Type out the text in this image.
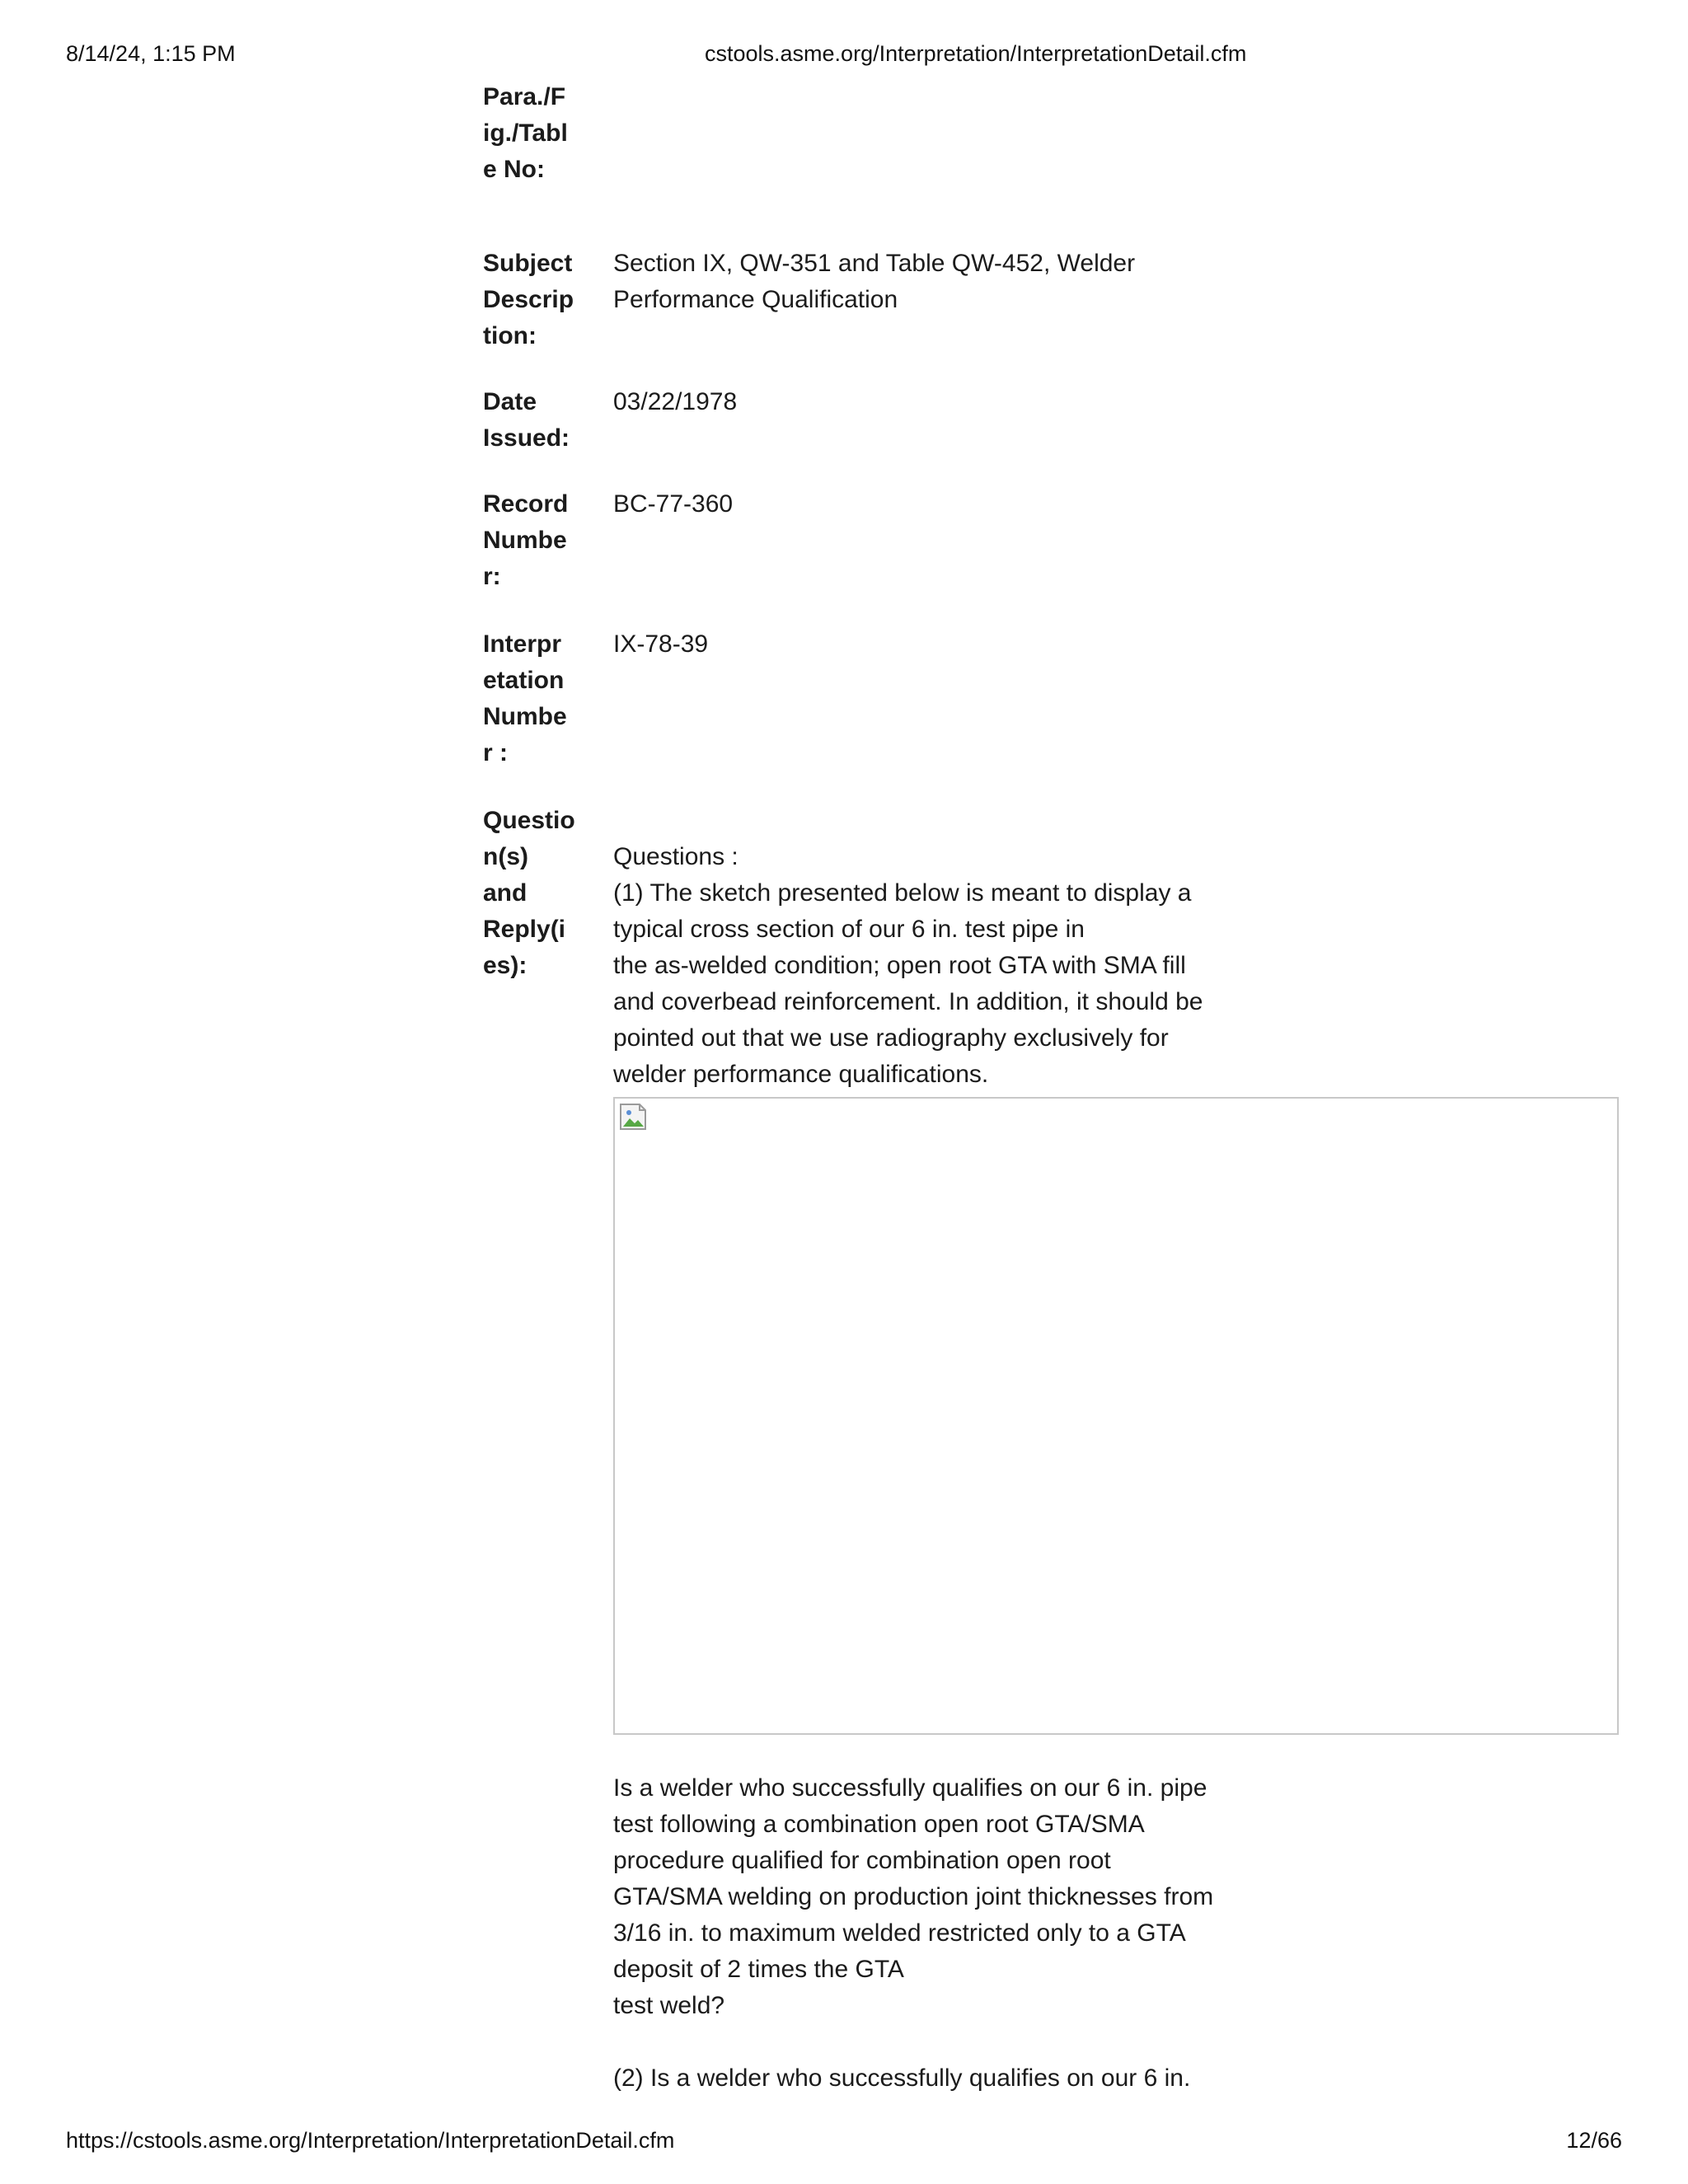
8/14/24, 1:15 PM	cstools.asme.org/Interpretation/InterpretationDetail.cfm
Para./F
ig./Tabl
e No:
Subject
Descrip
tion:
Section IX, QW-351 and Table QW-452, Welder
Performance Qualification
Date
Issued:
03/22/1978
Record
Numbe
r:
BC-77-360
Interpr
etation
Numbe
r :
IX-78-39
Questio
n(s)
and
Reply(i
es):
Questions :
(1) The sketch presented below is meant to display a
typical cross section of our 6 in. test pipe in
the as-welded condition; open root GTA with SMA fill
and coverbead reinforcement. In addition, it should be
pointed out that we use radiography exclusively for
welder performance qualifications.
Is a welder who successfully qualifies on our 6 in. pipe
test following a combination open root GTA/SMA
procedure qualified for combination open root
GTA/SMA welding on production joint thicknesses from
3/16 in. to maximum welded restricted only to a GTA
deposit of 2 times the GTA
test weld?
(2) Is a welder who successfully qualifies on our 6 in.
https://cstools.asme.org/Interpretation/InterpretationDetail.cfm	12/66
